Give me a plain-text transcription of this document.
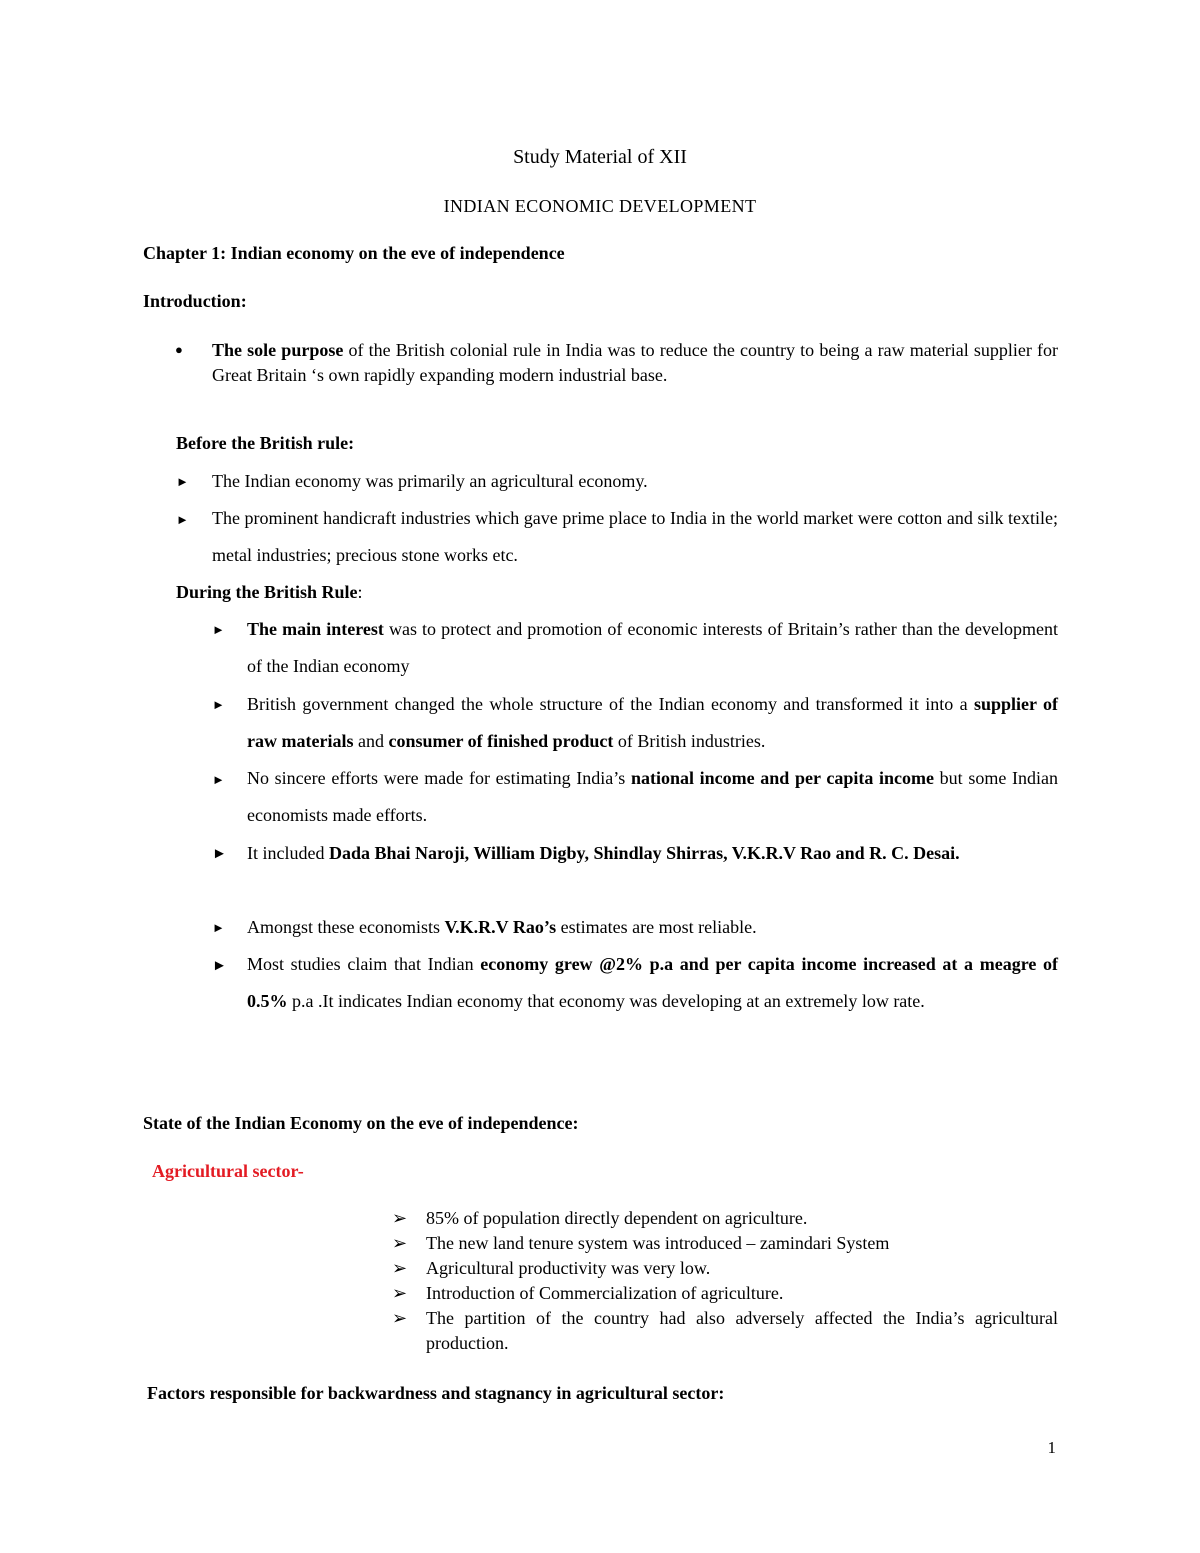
Study Material of XII
INDIAN ECONOMIC DEVELOPMENT
Chapter 1: Indian economy on the eve of independence
Introduction:
● The sole purpose of the British colonial rule in India was to reduce the country to being a raw material supplier for Great Britain ‘s own rapidly expanding modern industrial base.
Before the British rule:
► The Indian economy was primarily an agricultural economy.
► The prominent handicraft industries which gave prime place to India in the world market were cotton and silk textile; metal industries; precious stone works etc.
During the British Rule:
► The main interest was to protect and promotion of economic interests of Britain’s rather than the development of the Indian economy
► British government changed the whole structure of the Indian economy and transformed it into a supplier of raw materials and consumer of finished product of British industries.
► No sincere efforts were made for estimating India’s national income and per capita income but some Indian economists made efforts.
► It included Dada Bhai Naroji, William Digby, Shindlay Shirras, V.K.R.V Rao and R. C. Desai.
► Amongst these economists V.K.R.V Rao’s estimates are most reliable.
► Most studies claim that Indian economy grew @2% p.a and per capita income increased at a meagre of 0.5% p.a .It indicates Indian economy that economy was developing at an extremely low rate.
State of the Indian Economy on the eve of independence:
Agricultural sector-
➢ 85% of population directly dependent on agriculture.
➢ The new land tenure system was introduced – zamindari System
➢ Agricultural productivity was very low.
➢ Introduction of Commercialization of agriculture.
➢ The partition of the country had also adversely affected the India’s agricultural production.
Factors responsible for backwardness and stagnancy in agricultural sector:
1
